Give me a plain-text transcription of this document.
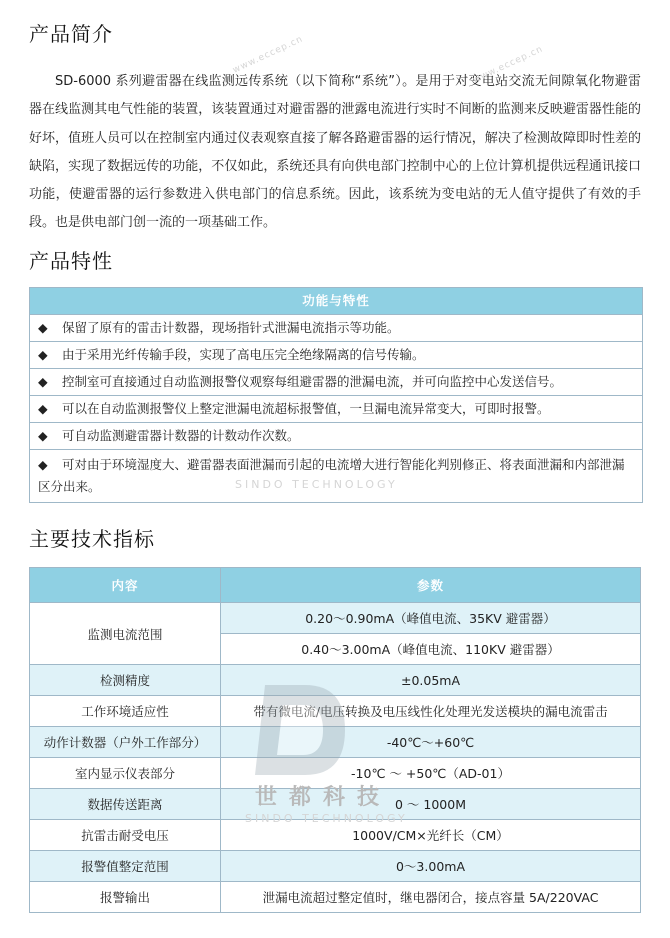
产品简介

SD-6000 系列避雷器在线监测远传系统（以下简称“系统”）。是用于对变电站交流无间隙氧化物避雷器在线监测其电气性能的装置，该装置通过对避雷器的泄露电流进行实时不间断的监测来反映避雷器性能的好坏，值班人员可以在控制室内通过仪表观察直接了解各路避雷器的运行情况，解决了检测故障即时性差的缺陷，实现了数据远传的功能，不仅如此，系统还具有向供电部门控制中心的上位计算机提供远程通讯接口功能，使避雷器的运行参数进入供电部门的信息系统。因此，该系统为变电站的无人值守提供了有效的手段。也是供电部门创一流的一项基础工作。

产品特性
功能与特性
◆ 保留了原有的雷击计数器，现场指针式泄漏电流指示等功能。
◆ 由于采用光纤传输手段，实现了高电压完全绝缘隔离的信号传输。
◆ 控制室可直接通过自动监测报警仪观察每组避雷器的泄漏电流，并可向监控中心发送信号。
◆ 可以在自动监测报警仪上整定泄漏电流超标报警值，一旦漏电流异常变大，可即时报警。
◆ 可自动监测避雷器计数器的计数动作次数。
◆ 可对由于环境湿度大、避雷器表面泄漏而引起的电流增大进行智能化判别修正、将表面泄漏和内部泄漏区分出来。
主要技术指标
内容	参数
监测电流范围	0.20～0.90mA（峰值电流、35KV 避雷器）
	0.40～3.00mA（峰值电流、110KV 避雷器）
检测精度	±0.05mA
工作环境适应性	带有微电流/电压转换及电压线性化处理光发送模块的漏电流雷击
动作计数器（户外工作部分）	-40℃～+60℃
室内显示仪表部分	-10℃ ～ +50℃（AD-01）
数据传送距离	0 ～ 1000M
抗雷击耐受电压	1000V/CM×光纤长（CM）
报警值整定范围	0～3.00mA
报警输出	泄漏电流超过整定值时，继电器闭合，接点容量 5A/220VAC
世都科技
SINDO TECHNOLOGY
SINDO TECHNOLOGY
www.eccep.cn	www.eccep.cn
